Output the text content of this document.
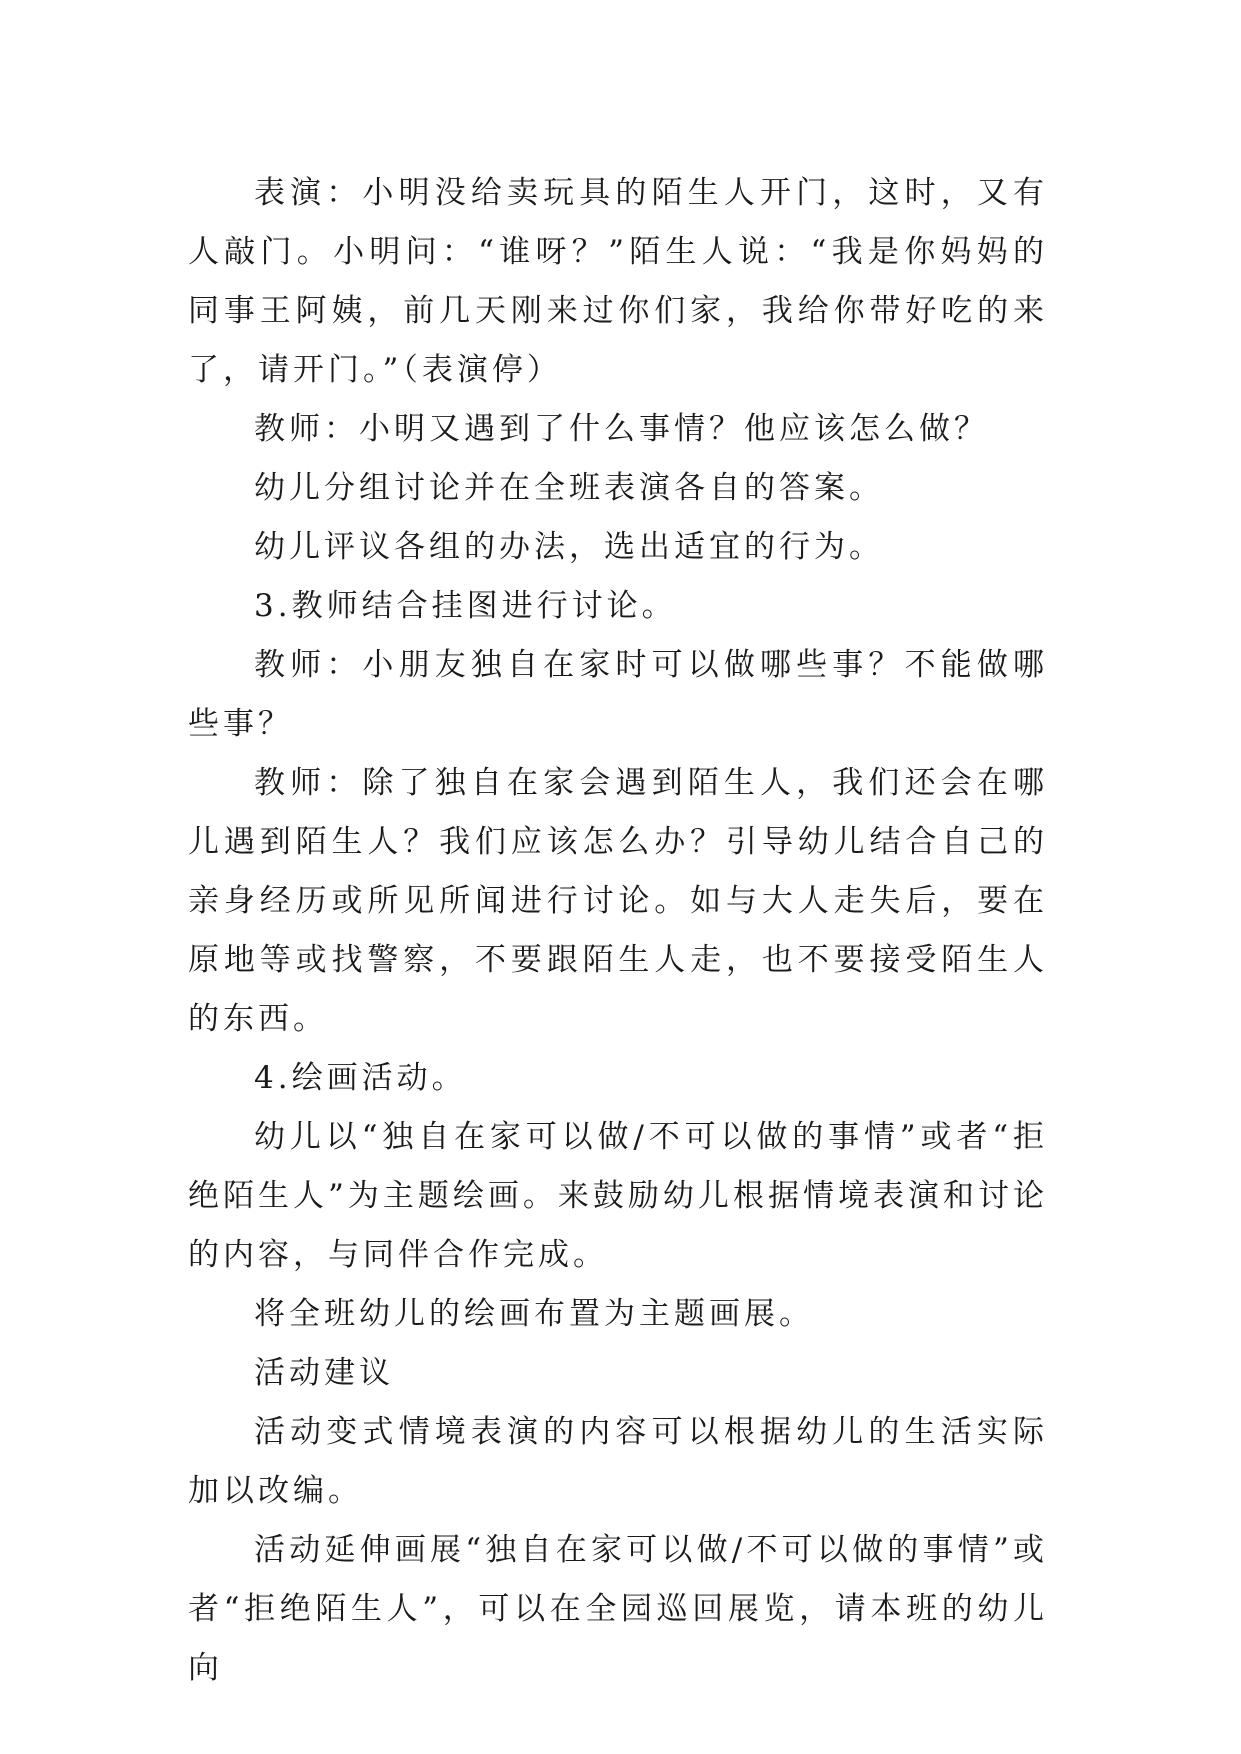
表演：小明没给卖玩具的陌生人开门，这时，又有人敲门。小明问：“谁呀？”陌生人说：“我是你妈妈的同事王阿姨，前几天刚来过你们家，我给你带好吃的来了，请开门。”（表演停）

教师：小明又遇到了什么事情？他应该怎么做？

幼儿分组讨论并在全班表演各自的答案。

幼儿评议各组的办法，选出适宜的行为。

3.教师结合挂图进行讨论。

教师：小朋友独自在家时可以做哪些事？不能做哪些事？

教师：除了独自在家会遇到陌生人，我们还会在哪儿遇到陌生人？我们应该怎么办？引导幼儿结合自己的亲身经历或所见所闻进行讨论。如与大人走失后，要在原地等或找警察，不要跟陌生人走，也不要接受陌生人的东西。

4.绘画活动。

幼儿以“独自在家可以做/不可以做的事情”或者“拒绝陌生人”为主题绘画。来鼓励幼儿根据情境表演和讨论的内容，与同伴合作完成。

将全班幼儿的绘画布置为主题画展。

活动建议

活动变式情境表演的内容可以根据幼儿的生活实际加以改编。

活动延伸画展“独自在家可以做/不可以做的事情”或者“拒绝陌生人”，可以在全园巡回展览，请本班的幼儿向
